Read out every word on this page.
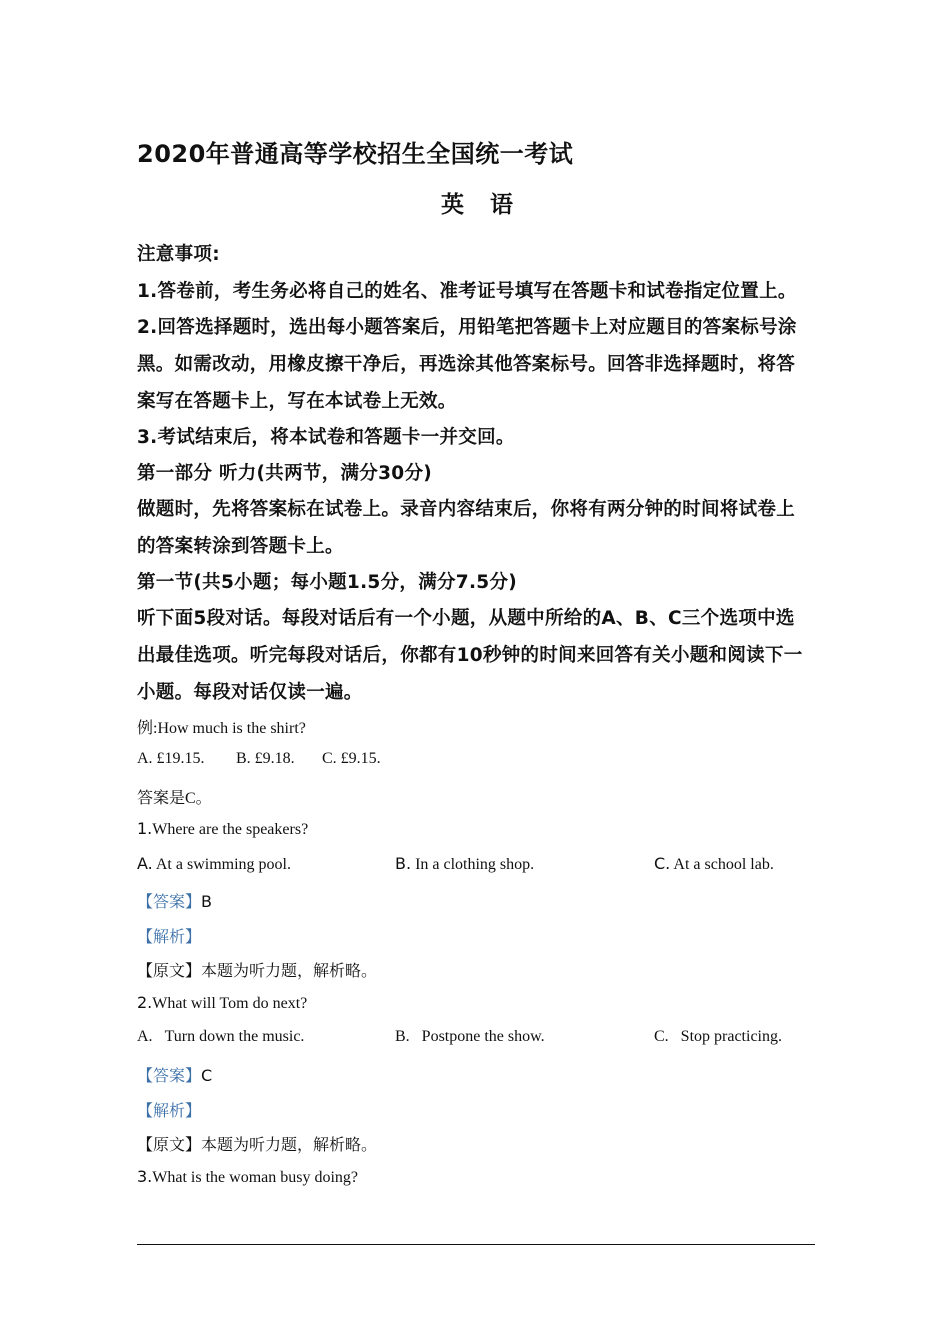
2020年普通高等学校招生全国统一考试
英语
注意事项:
1.答卷前，考生务必将自己的姓名、准考证号填写在答题卡和试卷指定位置上。
2.回答选择题时，选出每小题答案后，用铅笔把答题卡上对应题目的答案标号涂
黑。如需改动，用橡皮擦干净后，再选涂其他答案标号。回答非选择题时，将答
案写在答题卡上，写在本试卷上无效。
3.考试结束后，将本试卷和答题卡一并交回。
第一部分 听力(共两节，满分30分)
做题时，先将答案标在试卷上。录音内容结束后，你将有两分钟的时间将试卷上
的答案转涂到答题卡上。
第一节(共5小题；每小题1.5分，满分7.5分)
听下面5段对话。每段对话后有一个小题，从题中所给的A、B、C三个选项中选
出最佳选项。听完每段对话后，你都有10秒钟的时间来回答有关小题和阅读下一
小题。每段对话仅读一遍。
例:How much is the shirt?
A. £19.15. B. £9.18. C. £9.15.
答案是C。
1.Where are the speakers?
A. At a swimming pool.	B. In a clothing shop.	C. At a school lab.
【答案】B
【解析】
【原文】本题为听力题，解析略。
2.What will Tom do next?
A. Turn down the music.	B. Postpone the show.	C. Stop practicing.
【答案】C
【解析】
【原文】本题为听力题，解析略。
3.What is the woman busy doing?
